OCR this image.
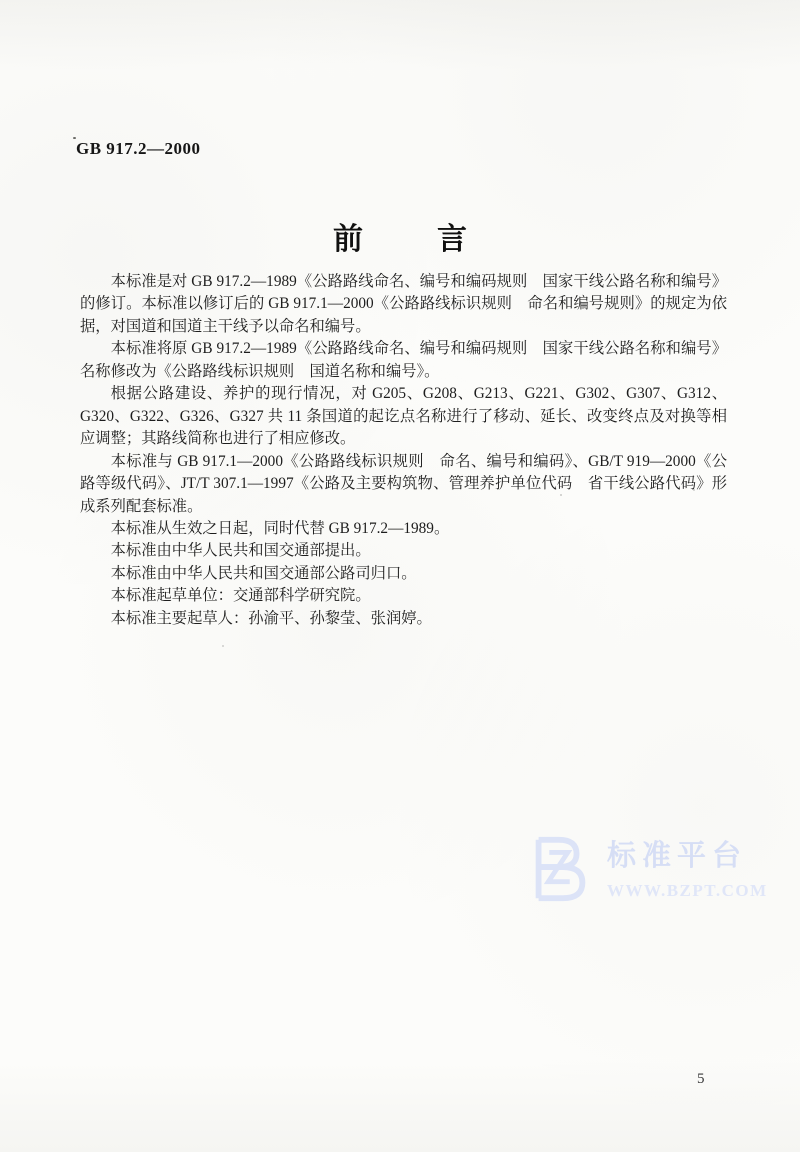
GB 917.2—2000
前 言

本标准是对 GB 917.2—1989《公路路线命名、编号和编码规则　国家干线公路名称和编号》的修订。本标准以修订后的 GB 917.1—2000《公路路线标识规则　命名和编号规则》的规定为依据，对国道和国道主干线予以命名和编号。

本标准将原 GB 917.2—1989《公路路线命名、编号和编码规则　国家干线公路名称和编号》名称修改为《公路路线标识规则　国道名称和编号》。

根据公路建设、养护的现行情况，对 G205、G208、G213、G221、G302、G307、G312、G320、G322、G326、G327 共 11 条国道的起讫点名称进行了移动、延长、改变终点及对换等相应调整；其路线简称也进行了相应修改。

本标准与 GB 917.1—2000《公路路线标识规则　命名、编号和编码》、GB/T 919—2000《公路等级代码》、JT/T 307.1—1997《公路及主要构筑物、管理养护单位代码　省干线公路代码》形成系列配套标准。

本标准从生效之日起，同时代替 GB 917.2—1989。

本标准由中华人民共和国交通部提出。

本标准由中华人民共和国交通部公路司归口。

本标准起草单位：交通部科学研究院。

本标准主要起草人：孙渝平、孙黎莹、张润婷。

标准平台
WWW.BZPT.COM
5
